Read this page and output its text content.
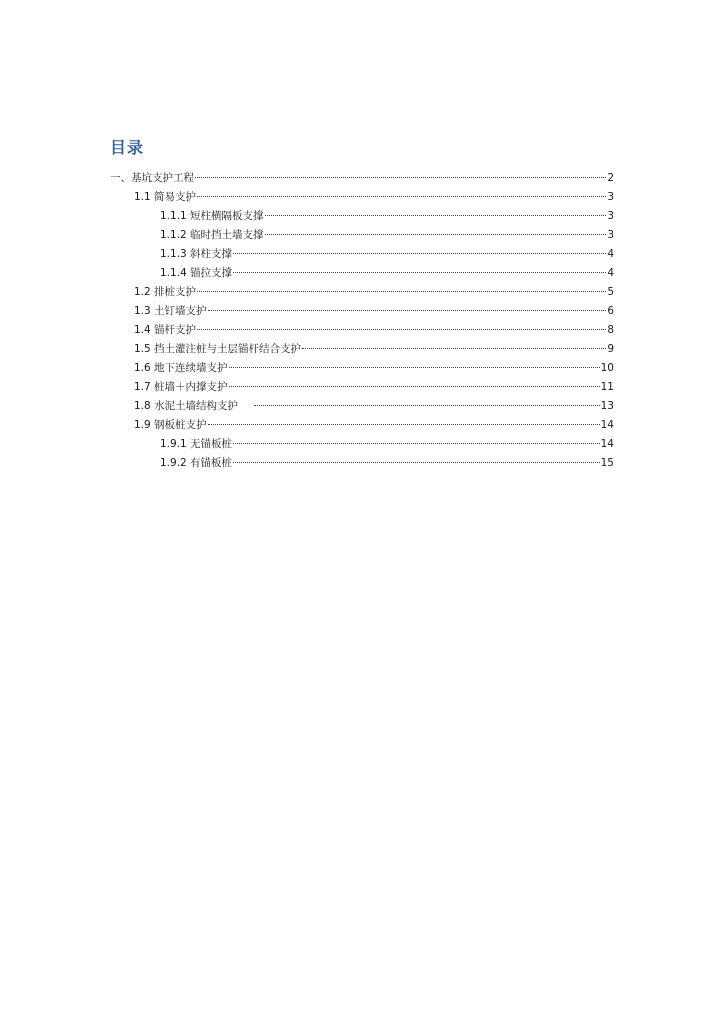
目录
一、基坑支护工程	2
1.1 简易支护	3
1.1.1 短柱横隔板支撑	3
1.1.2 临时挡土墙支撑	3
1.1.3 斜柱支撑	4
1.1.4 锚拉支撑	4
1.2 排桩支护	5
1.3 土钉墙支护	6
1.4 锚杆支护	8
1.5 挡土灌注桩与土层锚杆结合支护	9
1.6 地下连续墙支护	10
1.7 桩墙＋内撑支护	11
1.8 水泥土墙结构支护	13
1.9 钢板桩支护	14
1.9.1 无锚板桩	14
1.9.2 有锚板桩	15
